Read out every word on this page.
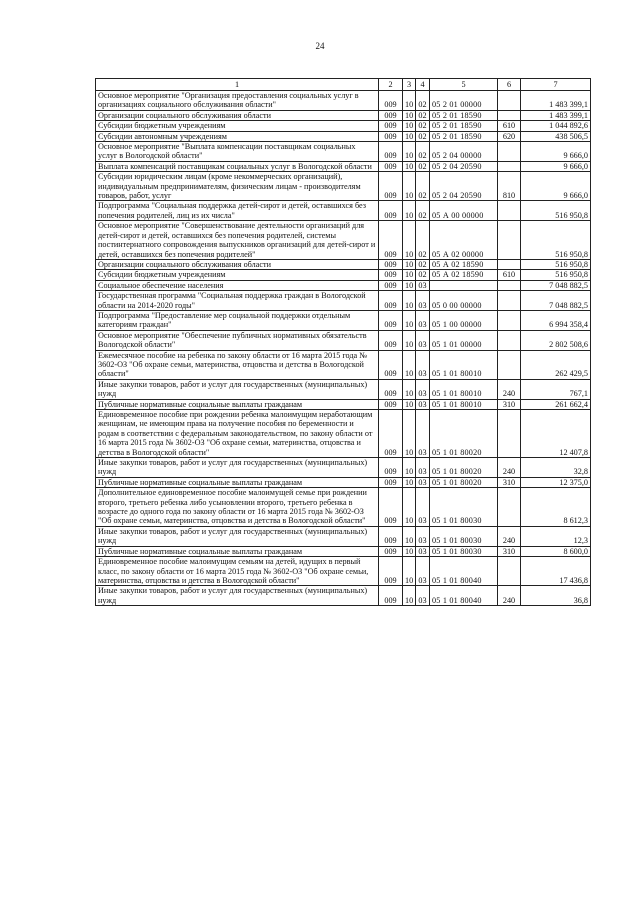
24
1	2	3	4	5	6	7
Основное мероприятие "Организация предоставления социальных услуг в организациях социального обслуживания области"	009	10	02	05 2 01 00000		1 483 399,1
Организации социального обслуживания области	009	10	02	05 2 01 18590		1 483 399,1
Субсидии бюджетным учреждениям	009	10	02	05 2 01 18590	610	1 044 892,6
Субсидии автономным учреждениям	009	10	02	05 2 01 18590	620	438 506,5
Основное мероприятие "Выплата компенсации поставщикам социальных услуг в Вологодской области"	009	10	02	05 2 04 00000		9 666,0
Выплата компенсаций поставщикам социальных услуг в Вологодской области	009	10	02	05 2 04 20590		9 666,0
Субсидии юридическим лицам (кроме некоммерческих организаций), индивидуальным предпринимателям, физическим лицам - производителям товаров, работ, услуг	009	10	02	05 2 04 20590	810	9 666,0
Подпрограмма "Социальная поддержка детей-сирот и детей, оставшихся без попечения родителей, лиц из их числа"	009	10	02	05 А 00 00000		516 950,8
Основное мероприятие "Совершенствование деятельности организаций для детей-сирот и детей, оставшихся без попечения родителей, системы постинтернатного сопровождения выпускников организаций для детей-сирот и детей, оставшихся без попечения родителей"	009	10	02	05 А 02 00000		516 950,8
Организации социального обслуживания области	009	10	02	05 А 02 18590		516 950,8
Субсидии бюджетным учреждениям	009	10	02	05 А 02 18590	610	516 950,8
Социальное обеспечение населения	009	10	03			7 048 882,5
Государственная программа "Социальная поддержка граждан в Вологодской области на 2014-2020 годы"	009	10	03	05 0 00 00000		7 048 882,5
Подпрограмма "Предоставление мер социальной поддержки отдельным категориям граждан"	009	10	03	05 1 00 00000		6 994 358,4
Основное мероприятие "Обеспечение публичных нормативных обязательств Вологодской области"	009	10	03	05 1 01 00000		2 802 508,6
Ежемесячное пособие на ребенка по закону области от 16 марта 2015 года № 3602-ОЗ "Об охране семьи, материнства, отцовства и детства в Вологодской области"	009	10	03	05 1 01 80010		262 429,5
Иные закупки товаров, работ и услуг для государственных (муниципальных) нужд	009	10	03	05 1 01 80010	240	767,1
Публичные нормативные социальные выплаты гражданам	009	10	03	05 1 01 80010	310	261 662,4
Единовременное пособие при рождении ребенка малоимущим неработающим женщинам, не имеющим права на получение пособия по беременности и родам в соответствии с федеральным законодательством, по закону области от 16 марта 2015 года № 3602-ОЗ "Об охране семьи, материнства, отцовства и детства в Вологодской области"	009	10	03	05 1 01 80020		12 407,8
Иные закупки товаров, работ и услуг для государственных (муниципальных) нужд	009	10	03	05 1 01 80020	240	32,8
Публичные нормативные социальные выплаты гражданам	009	10	03	05 1 01 80020	310	12 375,0
Дополнительное единовременное пособие малоимущей семье при рождении второго, третьего ребенка либо усыновлении второго, третьего ребенка в возрасте до одного года по закону области от 16 марта 2015 года № 3602-ОЗ "Об охране семьи, материнства, отцовства и детства в Вологодской области"	009	10	03	05 1 01 80030		8 612,3
Иные закупки товаров, работ и услуг для государственных (муниципальных) нужд	009	10	03	05 1 01 80030	240	12,3
Публичные нормативные социальные выплаты гражданам	009	10	03	05 1 01 80030	310	8 600,0
Единовременное пособие малоимущим семьям на детей, идущих в первый класс, по закону области от 16 марта 2015 года № 3602-ОЗ "Об охране семьи, материнства, отцовства и детства в Вологодской области"	009	10	03	05 1 01 80040		17 436,8
Иные закупки товаров, работ и услуг для государственных (муниципальных) нужд	009	10	03	05 1 01 80040	240	36,8
